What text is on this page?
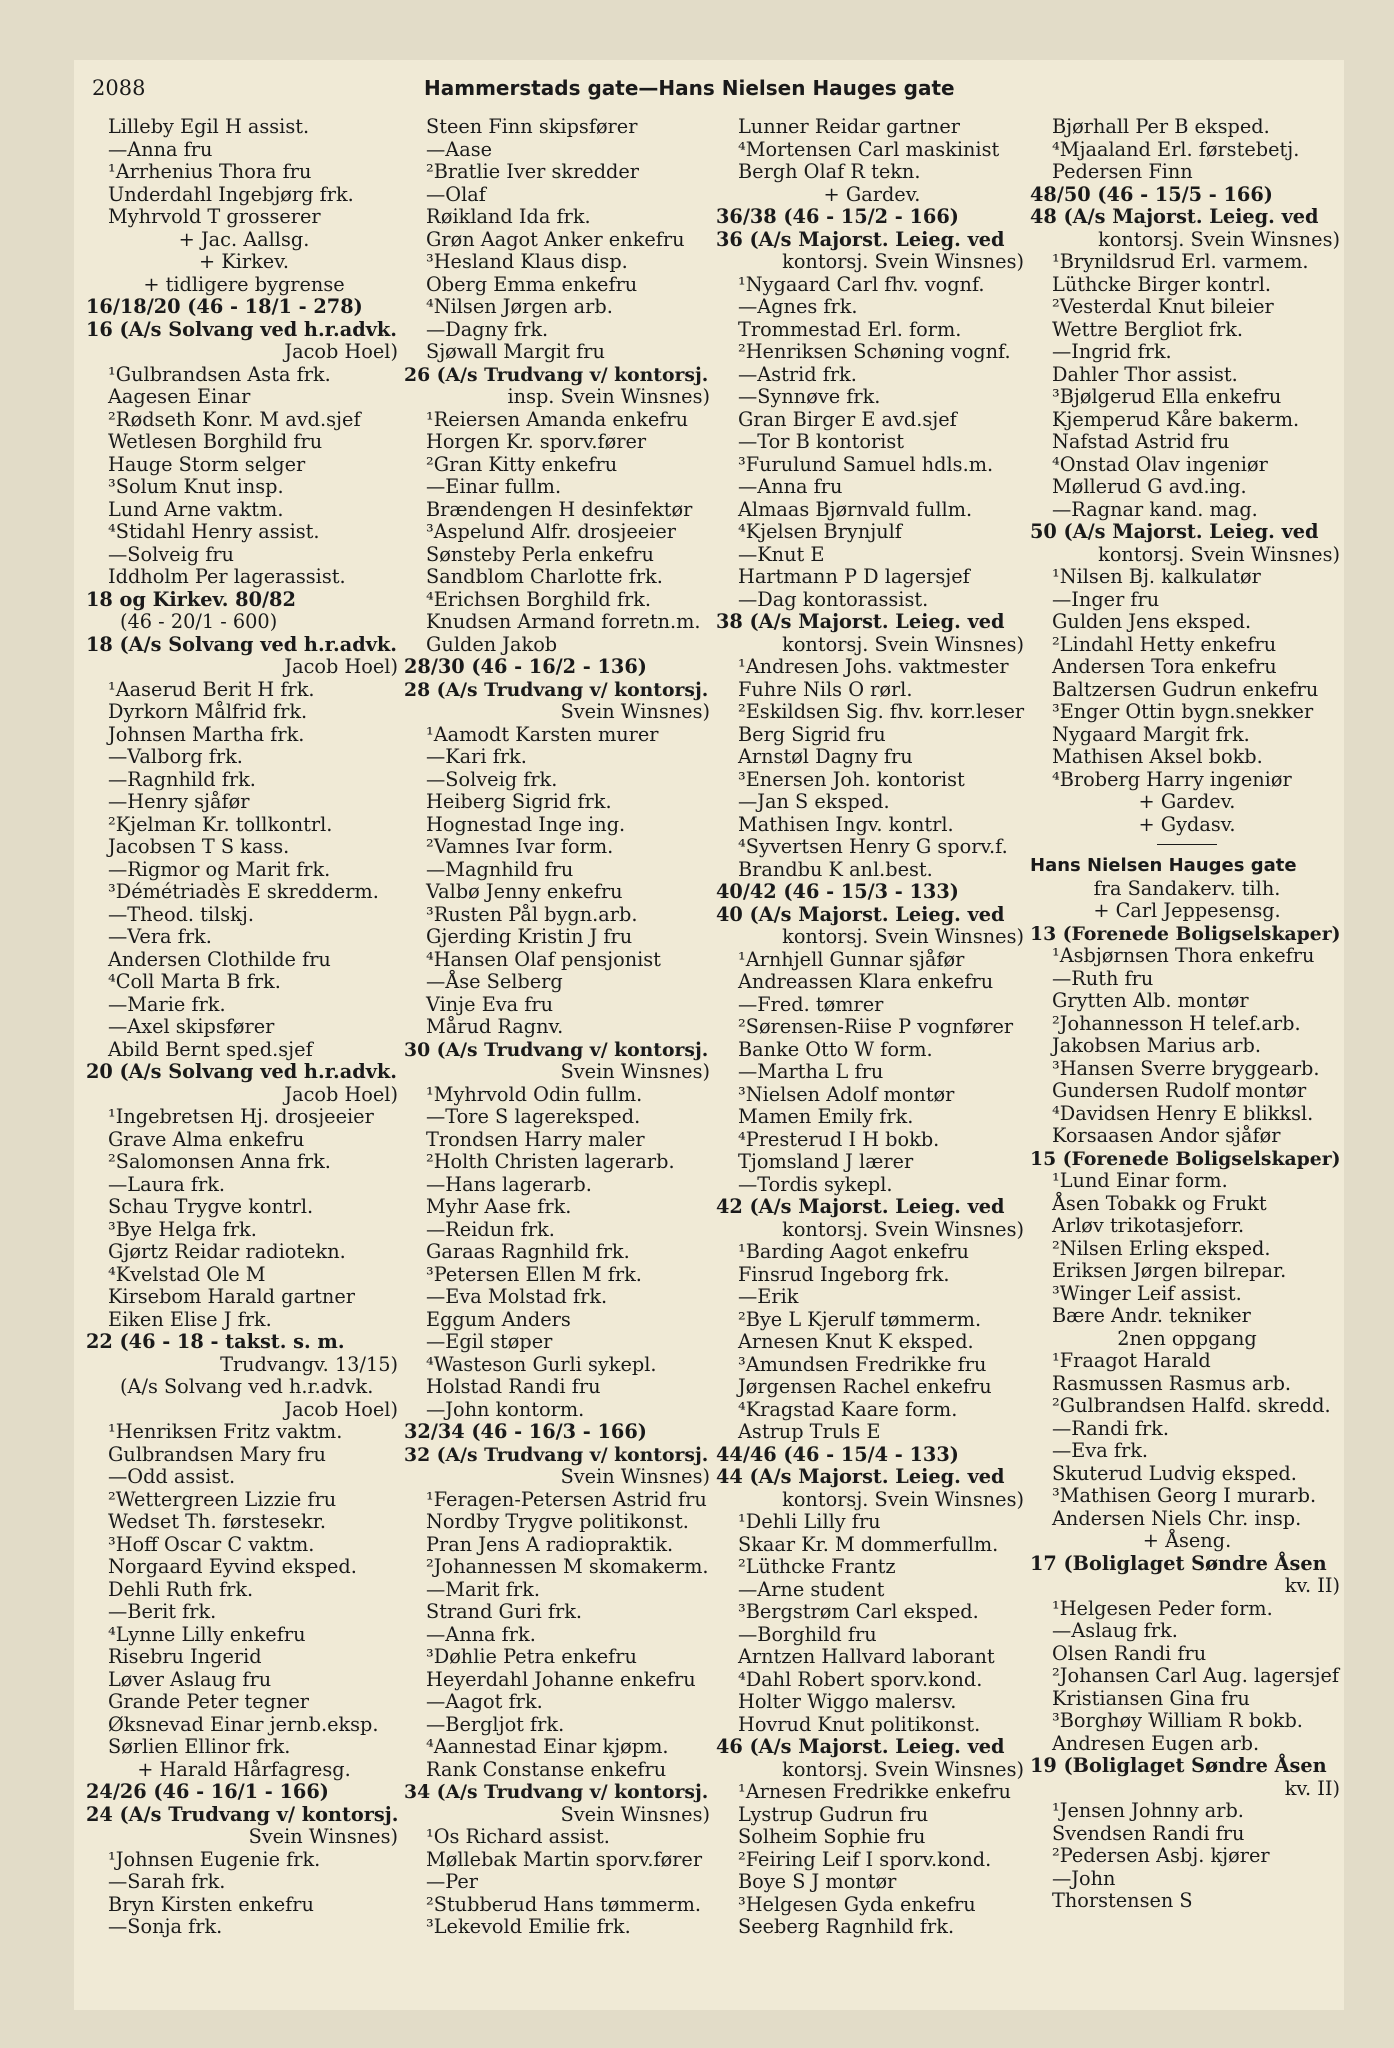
2088	Hammerstads gate—Hans Nielsen Hauges gate
Lilleby Egil H assist.
—Anna fru
¹Arrhenius Thora fru
Underdahl Ingebjørg frk.
Myhrvold T grosserer
+ Jac. Aallsg.
+ Kirkev.
+ tidligere bygrense
16/18/20 (46 - 18/1 - 278)
16 (A/s Solvang ved h.r.advk.
Jacob Hoel)
¹Gulbrandsen Asta frk.
Aagesen Einar
²Rødseth Konr. M avd.sjef
Wetlesen Borghild fru
Hauge Storm selger
³Solum Knut insp.
Lund Arne vaktm.
⁴Stidahl Henry assist.
—Solveig fru
Iddholm Per lagerassist.
18 og Kirkev. 80/82
(46 - 20/1 - 600)
18 (A/s Solvang ved h.r.advk.
Jacob Hoel)
¹Aaserud Berit H frk.
Dyrkorn Målfrid frk.
Johnsen Martha frk.
—Valborg frk.
—Ragnhild frk.
—Henry sjåfør
²Kjelman Kr. tollkontrl.
Jacobsen T S kass.
—Rigmor og Marit frk.
³Démétriadès E skredderm.
—Theod. tilskj.
—Vera frk.
Andersen Clothilde fru
⁴Coll Marta B frk.
—Marie frk.
—Axel skipsfører
Abild Bernt sped.sjef
20 (A/s Solvang ved h.r.advk.
Jacob Hoel)
¹Ingebretsen Hj. drosjeeier
Grave Alma enkefru
²Salomonsen Anna frk.
—Laura frk.
Schau Trygve kontrl.
³Bye Helga frk.
Gjørtz Reidar radiotekn.
⁴Kvelstad Ole M
Kirsebom Harald gartner
Eiken Elise J frk.
22 (46 - 18 - takst. s. m.
Trudvangv. 13/15)
(A/s Solvang ved h.r.advk.
Jacob Hoel)
¹Henriksen Fritz vaktm.
Gulbrandsen Mary fru
—Odd assist.
²Wettergreen Lizzie fru
Wedset Th. førstesekr.
³Hoff Oscar C vaktm.
Norgaard Eyvind eksped.
Dehli Ruth frk.
—Berit frk.
⁴Lynne Lilly enkefru
Risebru Ingerid
Løver Aslaug fru
Grande Peter tegner
Øksnevad Einar jernb.eksp.
Sørlien Ellinor frk.
+ Harald Hårfagresg.
24/26 (46 - 16/1 - 166)
24 (A/s Trudvang v/ kontorsj.
Svein Winsnes)
¹Johnsen Eugenie frk.
—Sarah frk.
Bryn Kirsten enkefru
—Sonja frk.
Steen Finn skipsfører
—Aase
²Bratlie Iver skredder
—Olaf
Røikland Ida frk.
Grøn Aagot Anker enkefru
³Hesland Klaus disp.
Oberg Emma enkefru
⁴Nilsen Jørgen arb.
—Dagny frk.
Sjøwall Margit fru
26 (A/s Trudvang v/ kontorsj.
insp. Svein Winsnes)
¹Reiersen Amanda enkefru
Horgen Kr. sporv.fører
²Gran Kitty enkefru
—Einar fullm.
Brændengen H desinfektør
³Aspelund Alfr. drosjeeier
Sønsteby Perla enkefru
Sandblom Charlotte frk.
⁴Erichsen Borghild frk.
Knudsen Armand forretn.m.
Gulden Jakob
28/30 (46 - 16/2 - 136)
28 (A/s Trudvang v/ kontorsj.
Svein Winsnes)
¹Aamodt Karsten murer
—Kari frk.
—Solveig frk.
Heiberg Sigrid frk.
Hognestad Inge ing.
²Vamnes Ivar form.
—Magnhild fru
Valbø Jenny enkefru
³Rusten Pål bygn.arb.
Gjerding Kristin J fru
⁴Hansen Olaf pensjonist
—Åse Selberg
Vinje Eva fru
Mårud Ragnv.
30 (A/s Trudvang v/ kontorsj.
Svein Winsnes)
¹Myhrvold Odin fullm.
—Tore S lagereksped.
Trondsen Harry maler
²Holth Christen lagerarb.
—Hans lagerarb.
Myhr Aase frk.
—Reidun frk.
Garaas Ragnhild frk.
³Petersen Ellen M frk.
—Eva Molstad frk.
Eggum Anders
—Egil støper
⁴Wasteson Gurli sykepl.
Holstad Randi fru
—John kontorm.
32/34 (46 - 16/3 - 166)
32 (A/s Trudvang v/ kontorsj.
Svein Winsnes)
¹Feragen-Petersen Astrid fru
Nordby Trygve politikonst.
Pran Jens A radiopraktik.
²Johannessen M skomakerm.
—Marit frk.
Strand Guri frk.
—Anna frk.
³Døhlie Petra enkefru
Heyerdahl Johanne enkefru
—Aagot frk.
—Bergljot frk.
⁴Aannestad Einar kjøpm.
Rank Constanse enkefru
34 (A/s Trudvang v/ kontorsj.
Svein Winsnes)
¹Os Richard assist.
Møllebak Martin sporv.fører
—Per
²Stubberud Hans tømmerm.
³Lekevold Emilie frk.
Lunner Reidar gartner
⁴Mortensen Carl maskinist
Bergh Olaf R tekn.
+ Gardev.
36/38 (46 - 15/2 - 166)
36 (A/s Majorst. Leieg. ved
kontorsj. Svein Winsnes)
¹Nygaard Carl fhv. vognf.
—Agnes frk.
Trommestad Erl. form.
²Henriksen Schøning vognf.
—Astrid frk.
—Synnøve frk.
Gran Birger E avd.sjef
—Tor B kontorist
³Furulund Samuel hdls.m.
—Anna fru
Almaas Bjørnvald fullm.
⁴Kjelsen Brynjulf
—Knut E
Hartmann P D lagersjef
—Dag kontorassist.
38 (A/s Majorst. Leieg. ved
kontorsj. Svein Winsnes)
¹Andresen Johs. vaktmester
Fuhre Nils O rørl.
²Eskildsen Sig. fhv. korr.leser
Berg Sigrid fru
Arnstøl Dagny fru
³Enersen Joh. kontorist
—Jan S eksped.
Mathisen Ingv. kontrl.
⁴Syvertsen Henry G sporv.f.
Brandbu K anl.best.
40/42 (46 - 15/3 - 133)
40 (A/s Majorst. Leieg. ved
kontorsj. Svein Winsnes)
¹Arnhjell Gunnar sjåfør
Andreassen Klara enkefru
—Fred. tømrer
²Sørensen-Riise P vognfører
Banke Otto W form.
—Martha L fru
³Nielsen Adolf montør
Mamen Emily frk.
⁴Presterud I H bokb.
Tjomsland J lærer
—Tordis sykepl.
42 (A/s Majorst. Leieg. ved
kontorsj. Svein Winsnes)
¹Barding Aagot enkefru
Finsrud Ingeborg frk.
—Erik
²Bye L Kjerulf tømmerm.
Arnesen Knut K eksped.
³Amundsen Fredrikke fru
Jørgensen Rachel enkefru
⁴Kragstad Kaare form.
Astrup Truls E
44/46 (46 - 15/4 - 133)
44 (A/s Majorst. Leieg. ved
kontorsj. Svein Winsnes)
¹Dehli Lilly fru
Skaar Kr. M dommerfullm.
²Lüthcke Frantz
—Arne student
³Bergstrøm Carl eksped.
—Borghild fru
Arntzen Hallvard laborant
⁴Dahl Robert sporv.kond.
Holter Wiggo malersv.
Hovrud Knut politikonst.
46 (A/s Majorst. Leieg. ved
kontorsj. Svein Winsnes)
¹Arnesen Fredrikke enkefru
Lystrup Gudrun fru
Solheim Sophie fru
²Feiring Leif I sporv.kond.
Boye S J montør
³Helgesen Gyda enkefru
Seeberg Ragnhild frk.
Bjørhall Per B eksped.
⁴Mjaaland Erl. førstebetj.
Pedersen Finn
48/50 (46 - 15/5 - 166)
48 (A/s Majorst. Leieg. ved
kontorsj. Svein Winsnes)
¹Brynildsrud Erl. varmem.
Lüthcke Birger kontrl.
²Vesterdal Knut bileier
Wettre Bergliot frk.
—Ingrid frk.
Dahler Thor assist.
³Bjølgerud Ella enkefru
Kjemperud Kåre bakerm.
Nafstad Astrid fru
⁴Onstad Olav ingeniør
Møllerud G avd.ing.
—Ragnar kand. mag.
50 (A/s Majorst. Leieg. ved
kontorsj. Svein Winsnes)
¹Nilsen Bj. kalkulatør
—Inger fru
Gulden Jens eksped.
²Lindahl Hetty enkefru
Andersen Tora enkefru
Baltzersen Gudrun enkefru
³Enger Ottin bygn.snekker
Nygaard Margit frk.
Mathisen Aksel bokb.
⁴Broberg Harry ingeniør
+ Gardev.
+ Gydasv.
Hans Nielsen Hauges gate
fra Sandakerv. tilh.
+ Carl Jeppesensg.
13 (Forenede Boligselskaper)
¹Asbjørnsen Thora enkefru
—Ruth fru
Grytten Alb. montør
²Johannesson H telef.arb.
Jakobsen Marius arb.
³Hansen Sverre bryggearb.
Gundersen Rudolf montør
⁴Davidsen Henry E blikksl.
Korsaasen Andor sjåfør
15 (Forenede Boligselskaper)
¹Lund Einar form.
Åsen Tobakk og Frukt
Arløv trikotasjeforr.
²Nilsen Erling eksped.
Eriksen Jørgen bilrepar.
³Winger Leif assist.
Bære Andr. tekniker
2nen oppgang
¹Fraagot Harald
Rasmussen Rasmus arb.
²Gulbrandsen Halfd. skredd.
—Randi frk.
—Eva frk.
Skuterud Ludvig eksped.
³Mathisen Georg I murarb.
Andersen Niels Chr. insp.
+ Åseng.
17 (Boliglaget Søndre Åsen
kv. II)
¹Helgesen Peder form.
—Aslaug frk.
Olsen Randi fru
²Johansen Carl Aug. lagersjef
Kristiansen Gina fru
³Borghøy William R bokb.
Andresen Eugen arb.
19 (Boliglaget Søndre Åsen
kv. II)
¹Jensen Johnny arb.
Svendsen Randi fru
²Pedersen Asbj. kjører
—John
Thorstensen S
